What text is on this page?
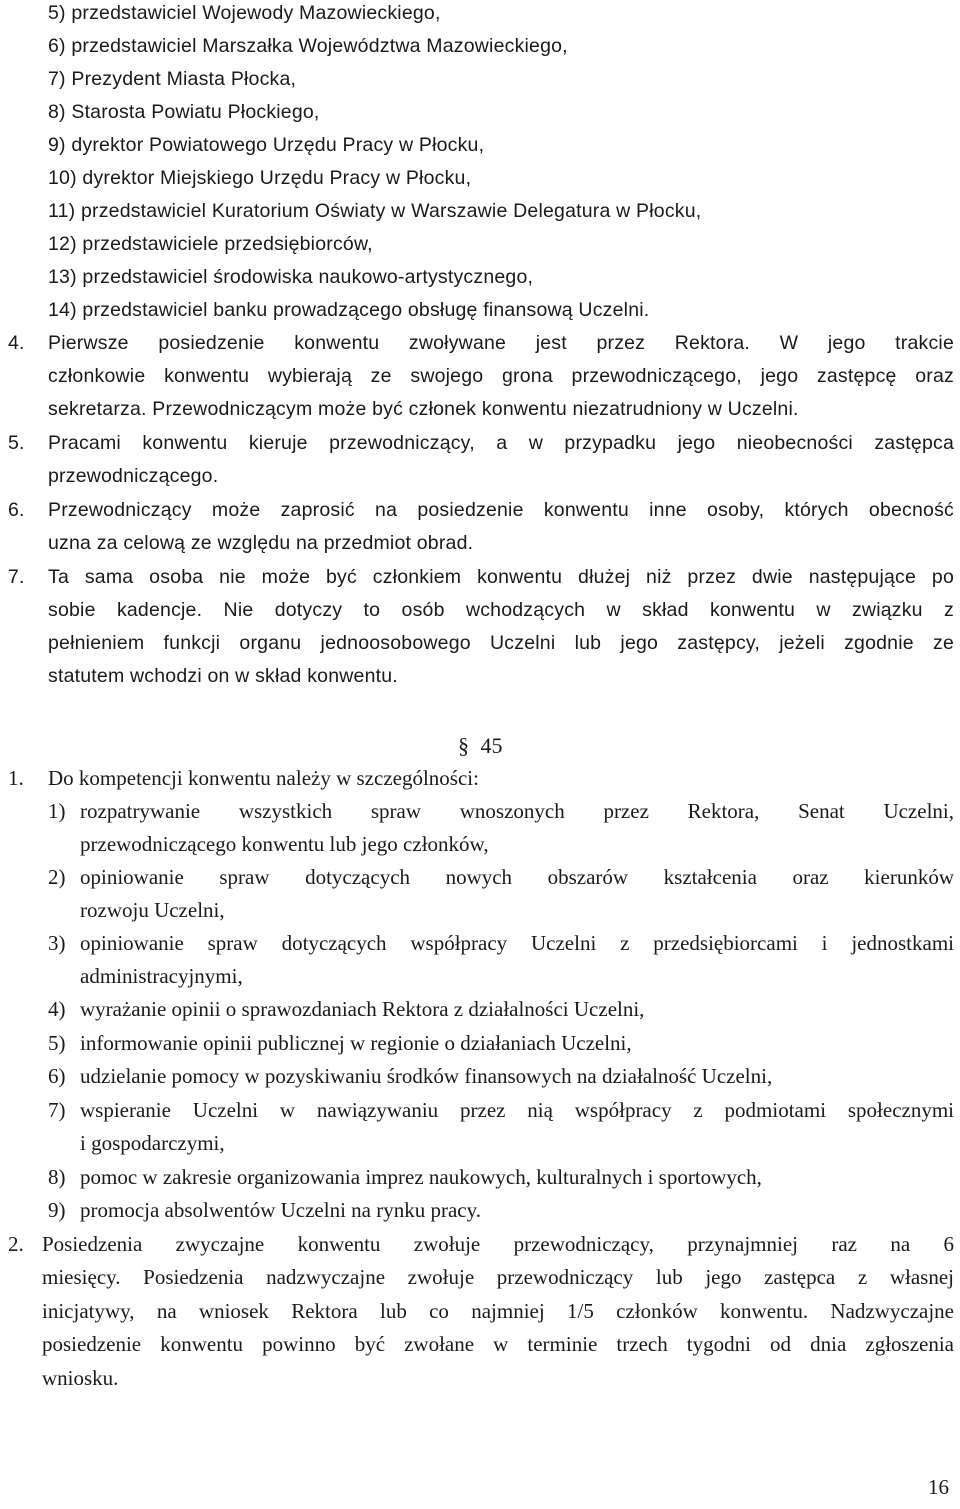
5) przedstawiciel Wojewody Mazowieckiego,
6) przedstawiciel Marszałka Województwa Mazowieckiego,
7) Prezydent Miasta Płocka,
8) Starosta Powiatu Płockiego,
9) dyrektor Powiatowego Urzędu Pracy w Płocku,
10) dyrektor Miejskiego Urzędu Pracy w Płocku,
11) przedstawiciel Kuratorium Oświaty w Warszawie Delegatura w Płocku,
12) przedstawiciele przedsiębiorców,
13) przedstawiciel środowiska naukowo-artystycznego,
14) przedstawiciel banku prowadzącego obsługę finansową Uczelni.
4. Pierwsze posiedzenie konwentu zwoływane jest przez Rektora. W jego trakcie
członkowie konwentu wybierają ze swojego grona przewodniczącego, jego zastępcę oraz
sekretarza. Przewodniczącym może być członek konwentu niezatrudniony w Uczelni.
5. Pracami konwentu kieruje przewodniczący, a w przypadku jego nieobecności zastępca
przewodniczącego.
6. Przewodniczący może zaprosić na posiedzenie konwentu inne osoby, których obecność
uzna za celową ze względu na przedmiot obrad.
7. Ta sama osoba nie może być członkiem konwentu dłużej niż przez dwie następujące po
sobie kadencje. Nie dotyczy to osób wchodzących w skład konwentu w związku z
pełnieniem funkcji organu jednoosobowego Uczelni lub jego zastępcy, jeżeli zgodnie ze
statutem wchodzi on w skład konwentu.
§ 45
1. Do kompetencji konwentu należy w szczególności:
1) rozpatrywanie wszystkich spraw wnoszonych przez Rektora, Senat Uczelni,
przewodniczącego konwentu lub jego członków,
2) opiniowanie spraw dotyczących nowych obszarów kształcenia oraz kierunków
rozwoju Uczelni,
3) opiniowanie spraw dotyczących współpracy Uczelni z przedsiębiorcami i jednostkami
administracyjnymi,
4) wyrażanie opinii o sprawozdaniach Rektora z działalności Uczelni,
5) informowanie opinii publicznej w regionie o działaniach Uczelni,
6) udzielanie pomocy w pozyskiwaniu środków finansowych na działalność Uczelni,
7) wspieranie Uczelni w nawiązywaniu przez nią współpracy z podmiotami społecznymi
i gospodarczymi,
8) pomoc w zakresie organizowania imprez naukowych, kulturalnych i sportowych,
9) promocja absolwentów Uczelni na rynku pracy.
2. Posiedzenia zwyczajne konwentu zwołuje przewodniczący, przynajmniej raz na 6
miesięcy. Posiedzenia nadzwyczajne zwołuje przewodniczący lub jego zastępca z własnej
inicjatywy, na wniosek Rektora lub co najmniej 1/5 członków konwentu. Nadzwyczajne
posiedzenie konwentu powinno być zwołane w terminie trzech tygodni od dnia zgłoszenia
wniosku.
16
